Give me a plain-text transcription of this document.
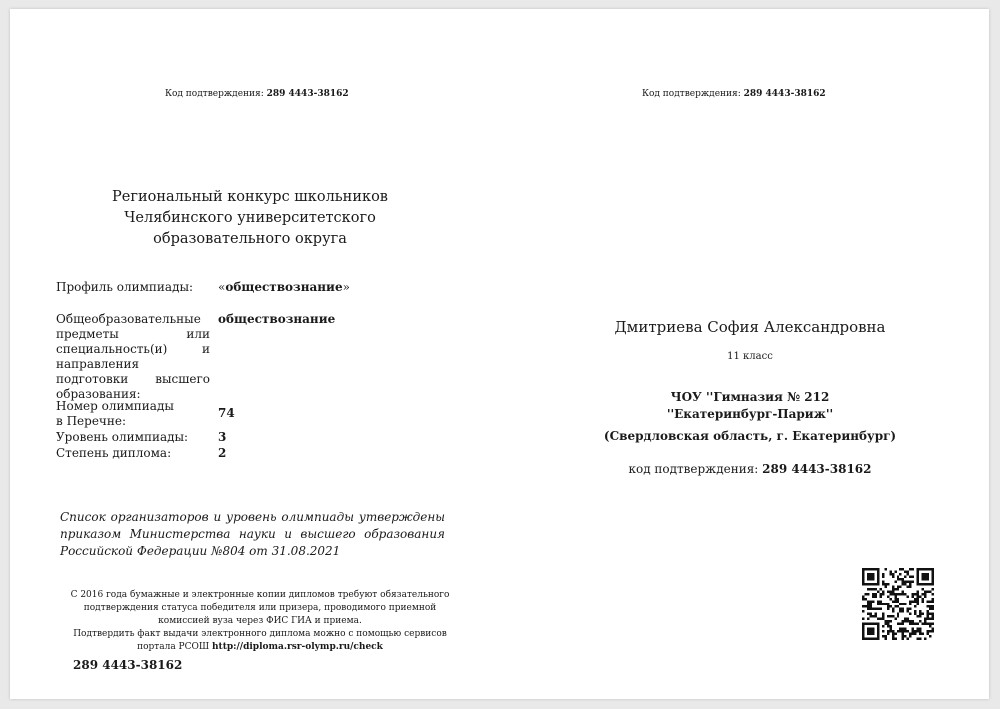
Код подтверждения: 289 4443-38162
Региональный конкурс школьников
Челябинского университетского
образовательного округа
Профиль олимпиады: «обществознание»
Общеобразовательные предметы или специальность(и) и направления подготовки высшего образования:
обществознание
Номер олимпиады
в Перечне:
74
Уровень олимпиады: 3
Степень диплома:	2
Список организаторов и уровень олимпиады утверждены приказом Министерства науки и высшего образования Российской Федерации №804 от 31.08.2021
С 2016 года бумажные и электронные копии дипломов требуют обязательного подтверждения статуса победителя или призера, проводимого приемной комиссией вуза через ФИС ГИА и приема.
Подтвердить факт выдачи электронного диплома можно с помощью сервисов портала РСОШ http://diploma.rsr-olymp.ru/check
289 4443-38162
Код подтверждения: 289 4443-38162
Дмитриева София Александровна
11 класс
ЧОУ ''Гимназия № 212
''Екатеринбург-Париж''
(Свердловская область, г. Екатеринбург)
код подтверждения: 289 4443-38162
